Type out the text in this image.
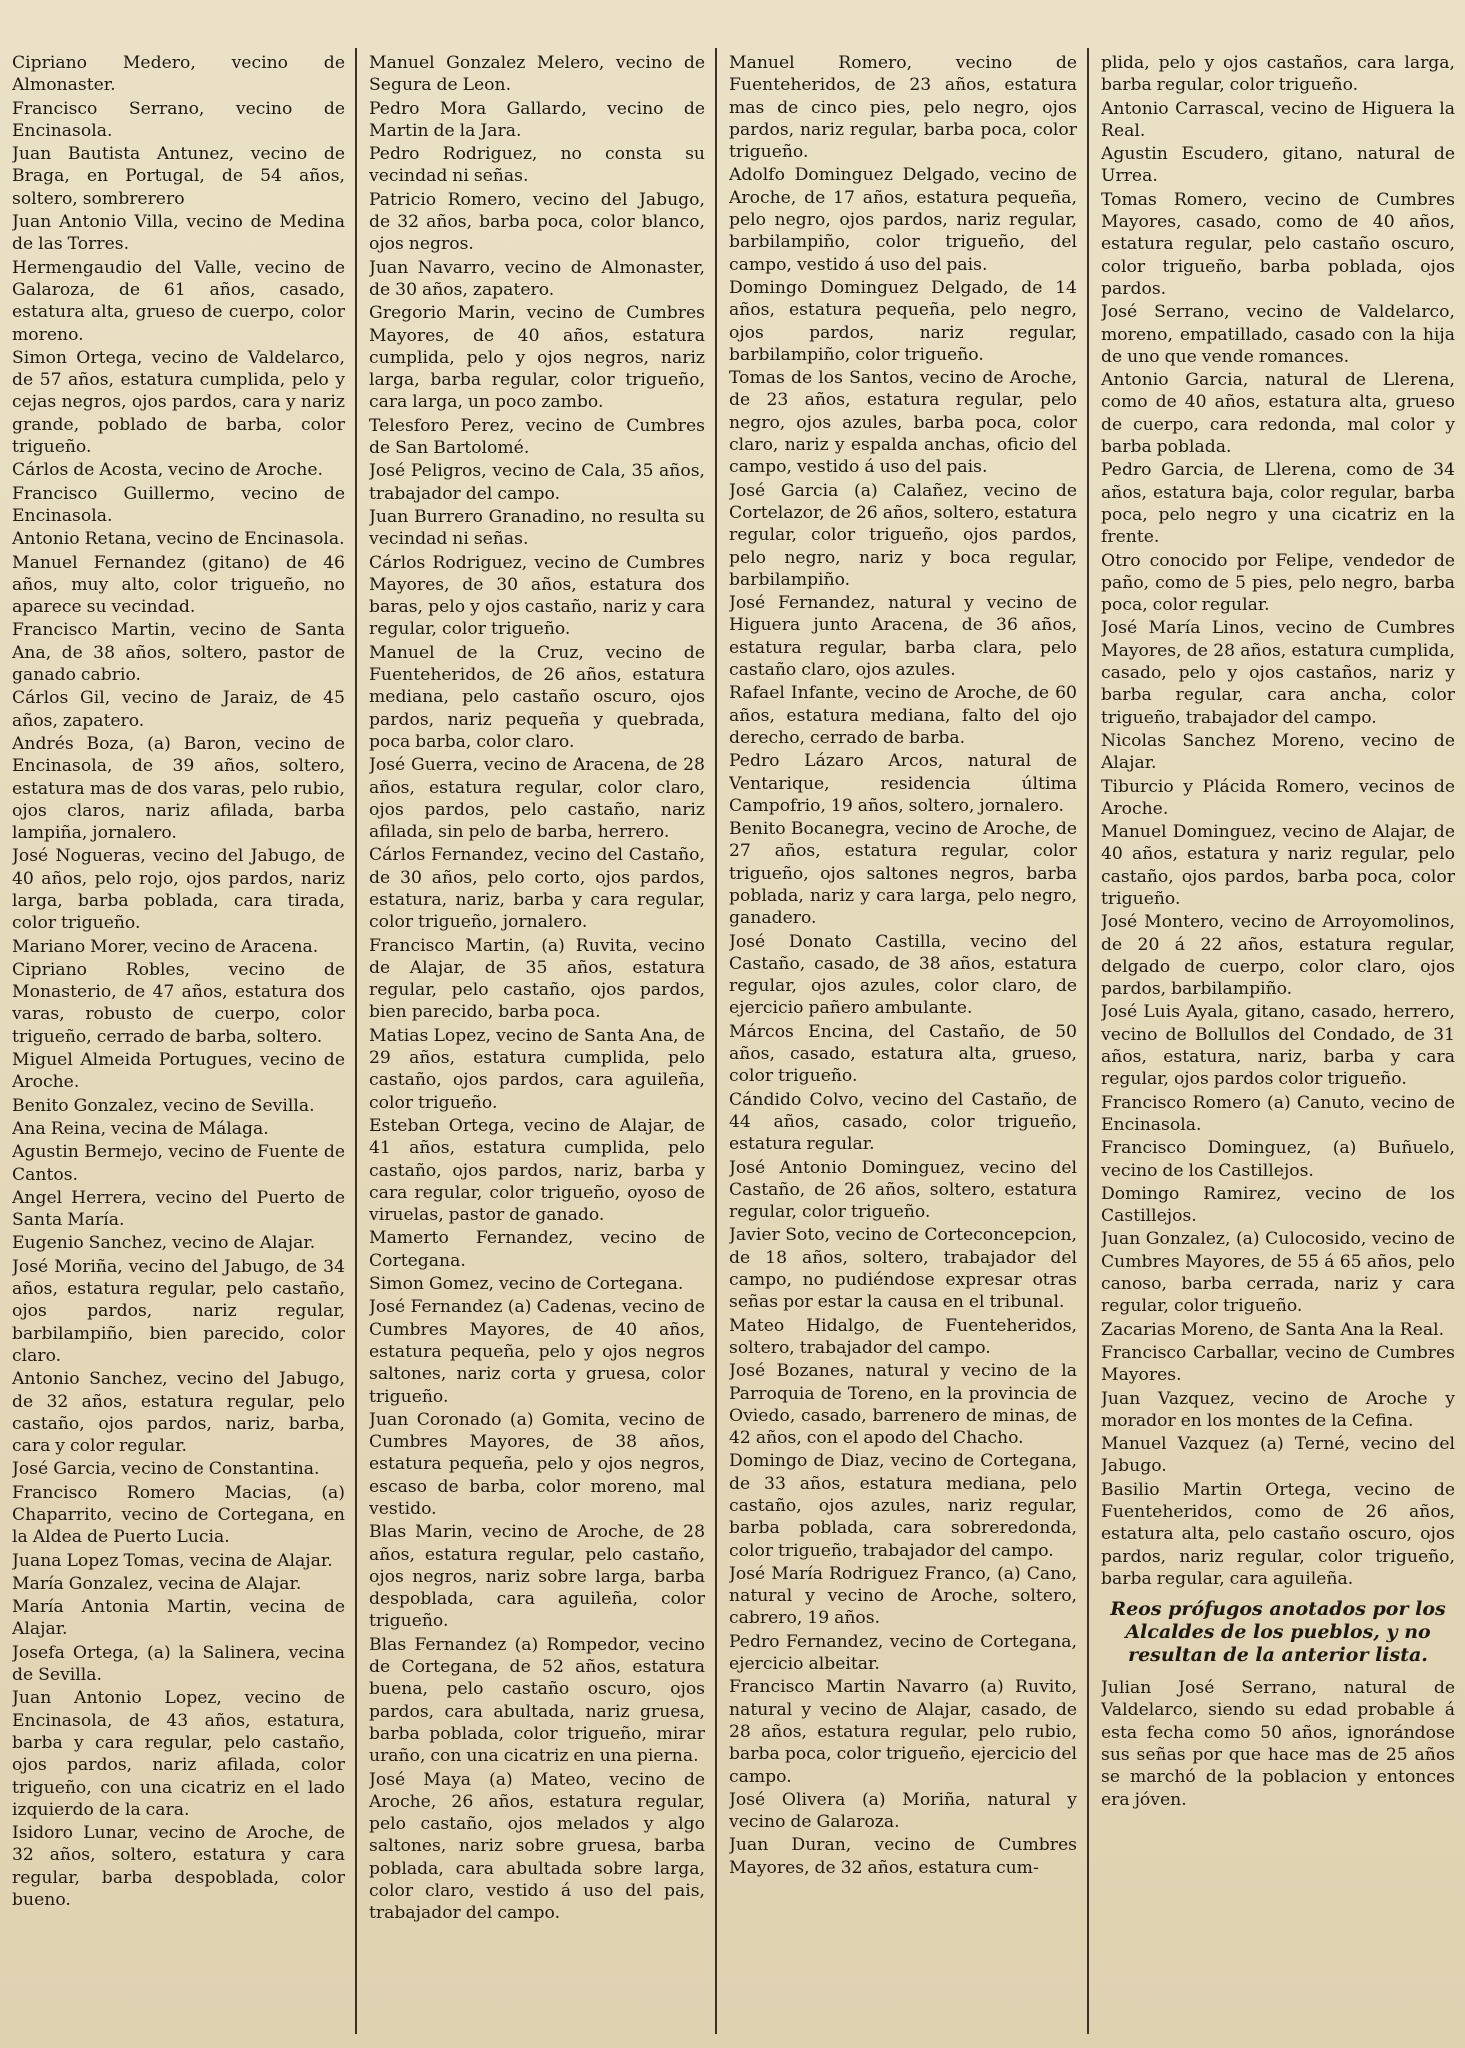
Cipriano Medero, vecino de Almonaster.

Francisco Serrano, vecino de Encinasola.

Juan Bautista Antunez, vecino de Braga, en Portugal, de 54 años, soltero, sombrerero

Juan Antonio Villa, vecino de Medina de las Torres.

Hermengaudio del Valle, vecino de Galaroza, de 61 años, casado, estatura alta, grueso de cuerpo, color moreno.

Simon Ortega, vecino de Valdelarco, de 57 años, estatura cumplida, pelo y cejas negros, ojos pardos, cara y nariz grande, poblado de barba, color trigueño.

Cárlos de Acosta, vecino de Aroche.

Francisco Guillermo, vecino de Encinasola.

Antonio Retana, vecino de Encinasola.

Manuel Fernandez (gitano) de 46 años, muy alto, color trigueño, no aparece su vecindad.

Francisco Martin, vecino de Santa Ana, de 38 años, soltero, pastor de ganado cabrio.

Cárlos Gil, vecino de Jaraiz, de 45 años, zapatero.

Andrés Boza, (a) Baron, vecino de Encinasola, de 39 años, soltero, estatura mas de dos varas, pelo rubio, ojos claros, nariz afilada, barba lampiña, jornalero.

José Nogueras, vecino del Jabugo, de 40 años, pelo rojo, ojos pardos, nariz larga, barba poblada, cara tirada, color trigueño.

Mariano Morer, vecino de Aracena.

Cipriano Robles, vecino de Monasterio, de 47 años, estatura dos varas, robusto de cuerpo, color trigueño, cerrado de barba, soltero.

Miguel Almeida Portugues, vecino de Aroche.

Benito Gonzalez, vecino de Sevilla.

Ana Reina, vecina de Málaga.

Agustin Bermejo, vecino de Fuente de Cantos.

Angel Herrera, vecino del Puerto de Santa María.

Eugenio Sanchez, vecino de Alajar.

José Moriña, vecino del Jabugo, de 34 años, estatura regular, pelo castaño, ojos pardos, nariz regular, barbilampiño, bien parecido, color claro.

Antonio Sanchez, vecino del Jabugo, de 32 años, estatura regular, pelo castaño, ojos pardos, nariz, barba, cara y color regular.

José Garcia, vecino de Constantina.

Francisco Romero Macias, (a) Chaparrito, vecino de Cortegana, en la Aldea de Puerto Lucia.

Juana Lopez Tomas, vecina de Alajar.

María Gonzalez, vecina de Alajar.

María Antonia Martin, vecina de Alajar.

Josefa Ortega, (a) la Salinera, vecina de Sevilla.

Juan Antonio Lopez, vecino de Encinasola, de 43 años, estatura, barba y cara regular, pelo castaño, ojos pardos, nariz afilada, color trigueño, con una cicatriz en el lado izquierdo de la cara.

Isidoro Lunar, vecino de Aroche, de 32 años, soltero, estatura y cara regular, barba despoblada, color bueno.

Manuel Gonzalez Melero, vecino de Segura de Leon.

Pedro Mora Gallardo, vecino de Martin de la Jara.

Pedro Rodriguez, no consta su vecindad ni señas.

Patricio Romero, vecino del Jabugo, de 32 años, barba poca, color blanco, ojos negros.

Juan Navarro, vecino de Almonaster, de 30 años, zapatero.

Gregorio Marin, vecino de Cumbres Mayores, de 40 años, estatura cumplida, pelo y ojos negros, nariz larga, barba regular, color trigueño, cara larga, un poco zambo.

Telesforo Perez, vecino de Cumbres de San Bartolomé.

José Peligros, vecino de Cala, 35 años, trabajador del campo.

Juan Burrero Granadino, no resulta su vecindad ni señas.

Cárlos Rodriguez, vecino de Cumbres Mayores, de 30 años, estatura dos baras, pelo y ojos castaño, nariz y cara regular, color trigueño.

Manuel de la Cruz, vecino de Fuenteheridos, de 26 años, estatura mediana, pelo castaño oscuro, ojos pardos, nariz pequeña y quebrada, poca barba, color claro.

José Guerra, vecino de Aracena, de 28 años, estatura regular, color claro, ojos pardos, pelo castaño, nariz afilada, sin pelo de barba, herrero.

Cárlos Fernandez, vecino del Castaño, de 30 años, pelo corto, ojos pardos, estatura, nariz, barba y cara regular, color trigueño, jornalero.

Francisco Martin, (a) Ruvita, vecino de Alajar, de 35 años, estatura regular, pelo castaño, ojos pardos, bien parecido, barba poca.

Matias Lopez, vecino de Santa Ana, de 29 años, estatura cumplida, pelo castaño, ojos pardos, cara aguileña, color trigueño.

Esteban Ortega, vecino de Alajar, de 41 años, estatura cumplida, pelo castaño, ojos pardos, nariz, barba y cara regular, color trigueño, oyoso de viruelas, pastor de ganado.

Mamerto Fernandez, vecino de Cortegana.

Simon Gomez, vecino de Cortegana.

José Fernandez (a) Cadenas, vecino de Cumbres Mayores, de 40 años, estatura pequeña, pelo y ojos negros saltones, nariz corta y gruesa, color trigueño.

Juan Coronado (a) Gomita, vecino de Cumbres Mayores, de 38 años, estatura pequeña, pelo y ojos negros, escaso de barba, color moreno, mal vestido.

Blas Marin, vecino de Aroche, de 28 años, estatura regular, pelo castaño, ojos negros, nariz sobre larga, barba despoblada, cara aguileña, color trigueño.

Blas Fernandez (a) Rompedor, vecino de Cortegana, de 52 años, estatura buena, pelo castaño oscuro, ojos pardos, cara abultada, nariz gruesa, barba poblada, color trigueño, mirar uraño, con una cicatriz en una pierna.

José Maya (a) Mateo, vecino de Aroche, 26 años, estatura regular, pelo castaño, ojos melados y algo saltones, nariz sobre gruesa, barba poblada, cara abultada sobre larga, color claro, vestido á uso del pais, trabajador del campo.

Manuel Romero, vecino de Fuenteheridos, de 23 años, estatura mas de cinco pies, pelo negro, ojos pardos, nariz regular, barba poca, color trigueño.

Adolfo Dominguez Delgado, vecino de Aroche, de 17 años, estatura pequeña, pelo negro, ojos pardos, nariz regular, barbilampiño, color trigueño, del campo, vestido á uso del pais.

Domingo Dominguez Delgado, de 14 años, estatura pequeña, pelo negro, ojos pardos, nariz regular, barbilampiño, color trigueño.

Tomas de los Santos, vecino de Aroche, de 23 años, estatura regular, pelo negro, ojos azules, barba poca, color claro, nariz y espalda anchas, oficio del campo, vestido á uso del pais.

José Garcia (a) Calañez, vecino de Cortelazor, de 26 años, soltero, estatura regular, color trigueño, ojos pardos, pelo negro, nariz y boca regular, barbilampiño.

José Fernandez, natural y vecino de Higuera junto Aracena, de 36 años, estatura regular, barba clara, pelo castaño claro, ojos azules.

Rafael Infante, vecino de Aroche, de 60 años, estatura mediana, falto del ojo derecho, cerrado de barba.

Pedro Lázaro Arcos, natural de Ventarique, residencia última Campofrio, 19 años, soltero, jornalero.

Benito Bocanegra, vecino de Aroche, de 27 años, estatura regular, color trigueño, ojos saltones negros, barba poblada, nariz y cara larga, pelo negro, ganadero.

José Donato Castilla, vecino del Castaño, casado, de 38 años, estatura regular, ojos azules, color claro, de ejercicio pañero ambulante.

Márcos Encina, del Castaño, de 50 años, casado, estatura alta, grueso, color trigueño.

Cándido Colvo, vecino del Castaño, de 44 años, casado, color trigueño, estatura regular.

José Antonio Dominguez, vecino del Castaño, de 26 años, soltero, estatura regular, color trigueño.

Javier Soto, vecino de Corteconcepcion, de 18 años, soltero, trabajador del campo, no pudiéndose expresar otras señas por estar la causa en el tribunal.

Mateo Hidalgo, de Fuenteheridos, soltero, trabajador del campo.

José Bozanes, natural y vecino de la Parroquia de Toreno, en la provincia de Oviedo, casado, barrenero de minas, de 42 años, con el apodo del Chacho.

Domingo de Diaz, vecino de Cortegana, de 33 años, estatura mediana, pelo castaño, ojos azules, nariz regular, barba poblada, cara sobreredonda, color trigueño, trabajador del campo.

José María Rodriguez Franco, (a) Cano, natural y vecino de Aroche, soltero, cabrero, 19 años.

Pedro Fernandez, vecino de Cortegana, ejercicio albeitar.

Francisco Martin Navarro (a) Ruvito, natural y vecino de Alajar, casado, de 28 años, estatura regular, pelo rubio, barba poca, color trigueño, ejercicio del campo.

José Olivera (a) Moriña, natural y vecino de Galaroza.

Juan Duran, vecino de Cumbres Mayores, de 32 años, estatura cum-

plida, pelo y ojos castaños, cara larga, barba regular, color trigueño.

Antonio Carrascal, vecino de Higuera la Real.

Agustin Escudero, gitano, natural de Urrea.

Tomas Romero, vecino de Cumbres Mayores, casado, como de 40 años, estatura regular, pelo castaño oscuro, color trigueño, barba poblada, ojos pardos.

José Serrano, vecino de Valdelarco, moreno, empatillado, casado con la hija de uno que vende romances.

Antonio Garcia, natural de Llerena, como de 40 años, estatura alta, grueso de cuerpo, cara redonda, mal color y barba poblada.

Pedro Garcia, de Llerena, como de 34 años, estatura baja, color regular, barba poca, pelo negro y una cicatriz en la frente.

Otro conocido por Felipe, vendedor de paño, como de 5 pies, pelo negro, barba poca, color regular.

José María Linos, vecino de Cumbres Mayores, de 28 años, estatura cumplida, casado, pelo y ojos castaños, nariz y barba regular, cara ancha, color trigueño, trabajador del campo.

Nicolas Sanchez Moreno, vecino de Alajar.

Tiburcio y Plácida Romero, vecinos de Aroche.

Manuel Dominguez, vecino de Alajar, de 40 años, estatura y nariz regular, pelo castaño, ojos pardos, barba poca, color trigueño.

José Montero, vecino de Arroyomolinos, de 20 á 22 años, estatura regular, delgado de cuerpo, color claro, ojos pardos, barbilampiño.

José Luis Ayala, gitano, casado, herrero, vecino de Bollullos del Condado, de 31 años, estatura, nariz, barba y cara regular, ojos pardos color trigueño.

Francisco Romero (a) Canuto, vecino de Encinasola.

Francisco Dominguez, (a) Buñuelo, vecino de los Castillejos.

Domingo Ramirez, vecino de los Castillejos.

Juan Gonzalez, (a) Culocosido, vecino de Cumbres Mayores, de 55 á 65 años, pelo canoso, barba cerrada, nariz y cara regular, color trigueño.

Zacarias Moreno, de Santa Ana la Real.

Francisco Carballar, vecino de Cumbres Mayores.

Juan Vazquez, vecino de Aroche y morador en los montes de la Cefina.

Manuel Vazquez (a) Terné, vecino del Jabugo.

Basilio Martin Ortega, vecino de Fuenteheridos, como de 26 años, estatura alta, pelo castaño oscuro, ojos pardos, nariz regular, color trigueño, barba regular, cara aguileña.

Reos prófugos anotados por los Alcaldes de los pueblos, y no resultan de la anterior lista.

Julian José Serrano, natural de Valdelarco, siendo su edad probable á esta fecha como 50 años, ignorándose sus señas por que hace mas de 25 años se marchó de la poblacion y entonces era jóven.
